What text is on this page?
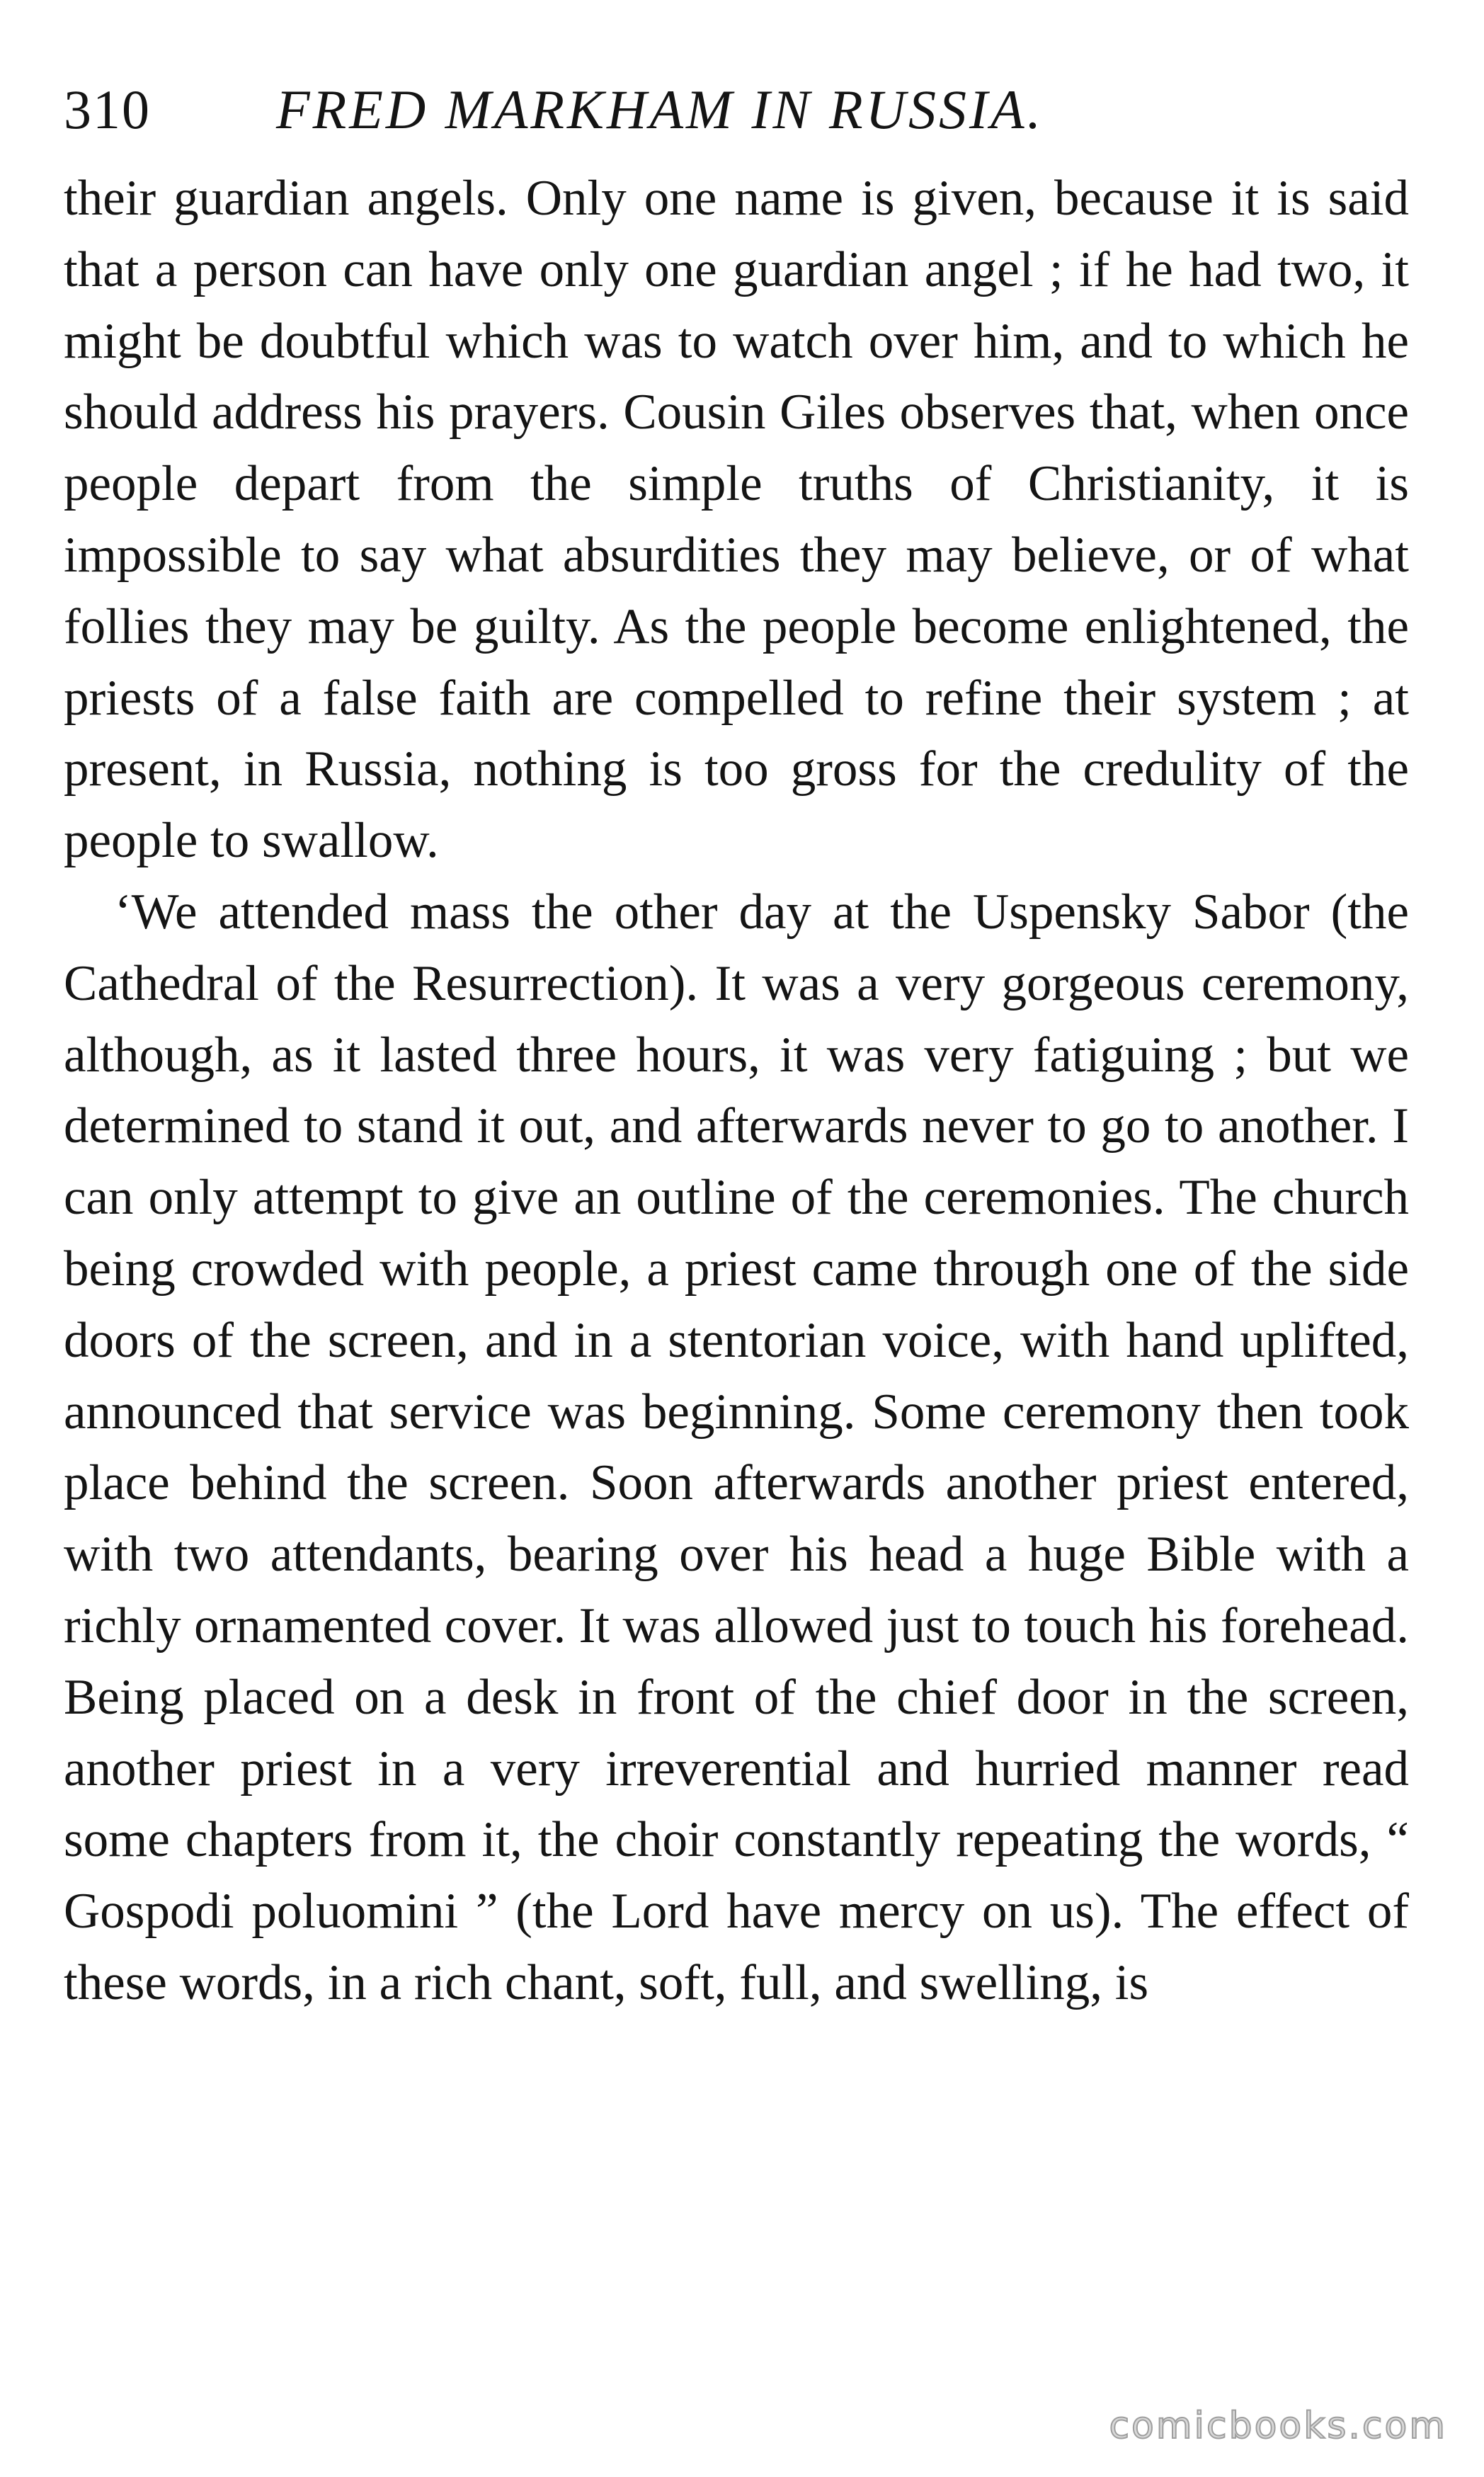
310 FRED MARKHAM IN RUSSIA.

their guardian angels. Only one name is given, because it is said that a person can have only one guardian angel ; if he had two, it might be doubtful which was to watch over him, and to which he should address his prayers. Cousin Giles observes that, when once people depart from the simple truths of Christianity, it is impossible to say what absurdities they may believe, or of what follies they may be guilty. As the people become enlightened, the priests of a false faith are compelled to refine their system ; at present, in Russia, nothing is too gross for the credulity of the people to swallow.

‘We attended mass the other day at the Uspensky Sabor (the Cathedral of the Resurrection). It was a very gorgeous ceremony, although, as it lasted three hours, it was very fatiguing ; but we determined to stand it out, and afterwards never to go to another. I can only attempt to give an outline of the ceremonies. The church being crowded with people, a priest came through one of the side doors of the screen, and in a stentorian voice, with hand uplifted, announced that service was beginning. Some ceremony then took place behind the screen. Soon afterwards another priest entered, with two attendants, bearing over his head a huge Bible with a richly ornamented cover. It was allowed just to touch his forehead. Being placed on a desk in front of the chief door in the screen, another priest in a very irreverential and hurried manner read some chapters from it, the choir constantly repeating the words, “ Gospodi poluomini ” (the Lord have mercy on us). The effect of these words, in a rich chant, soft, full, and swelling, is

comicbooks.com
